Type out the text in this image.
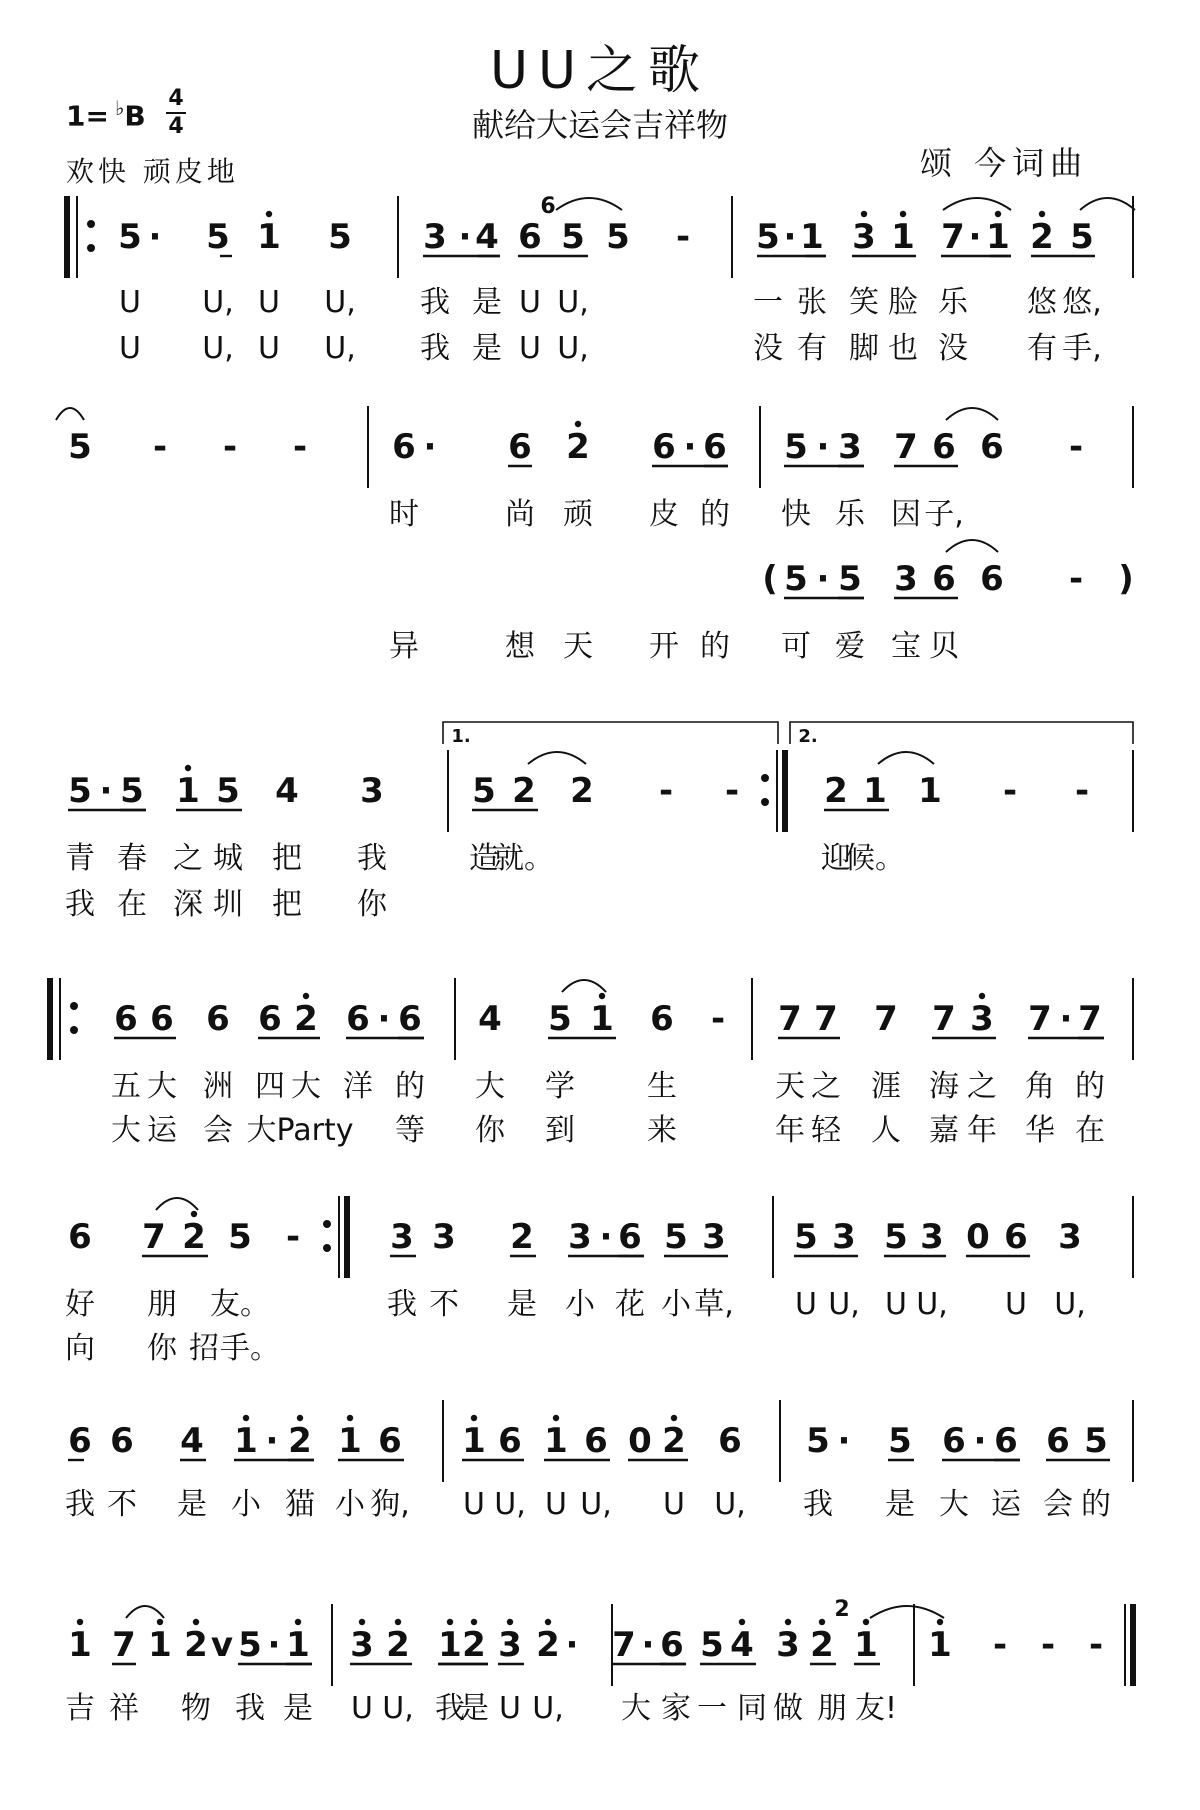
UU之歌
献给大运会吉祥物
1= ♭B
4
4
欢快 顽皮地	颂 今词曲
5 · 5 1 5 3 · 4 6 5 5 - 5 · 1 3 1 7 · 1 2 5
6
U U, U U, 我 是 U U,	一 张 笑 脸 乐 悠 悠,
U U, U U, 我 是 U U,	没 有 脚 也 没 有 手,
5 - - -	6 · 6 2 6 · 6 5 · 3 7 6 6 -
时	尚 顽 皮 的 快 乐 因 子,
( 5 · 5 3 6 6 - )
异	想 天 开 的 可 爱 宝 贝
5 · 5 1 5 4 3	5 2 2 - -	2 1 1 - -
青 春 之 城 把 我	造
就。	迎
候。
我 在 深 圳 把 你
6 6 6 6 2 6 · 6 4 5 1 6 - 7 7 7 7 3 7 · 7
五 大 洲 四 大 洋 的 大 学 生	天 之 涯 海 之 角 的
大 运 会 大Party 等 你 到 来	年 轻 人 嘉 年 华 在
6 7 2 5 -	3 3 2 3 · 6 5 3 5 3 5 3 0 6 3
好 朋 友。	我 不 是 小 花 小 草, U U, U U, U U,
向 你 招 手。
6 6 4 1 · 2 1 6 1 6 1 6 0 2 6 5 · 5 6 · 6 6 5
我 不 是 小 猫 小 狗, U U, U U, U U, 我 是 大 运 会 的
1 7 1 2 v 5 · 1 3 2 1 2 3 2 · 7 · 6 5 4 3 2 1 1 - - -
2
吉 祥 物 我 是 U U, 我
是 U U, 大 家 一 同 做 朋 友!
1.	2.
